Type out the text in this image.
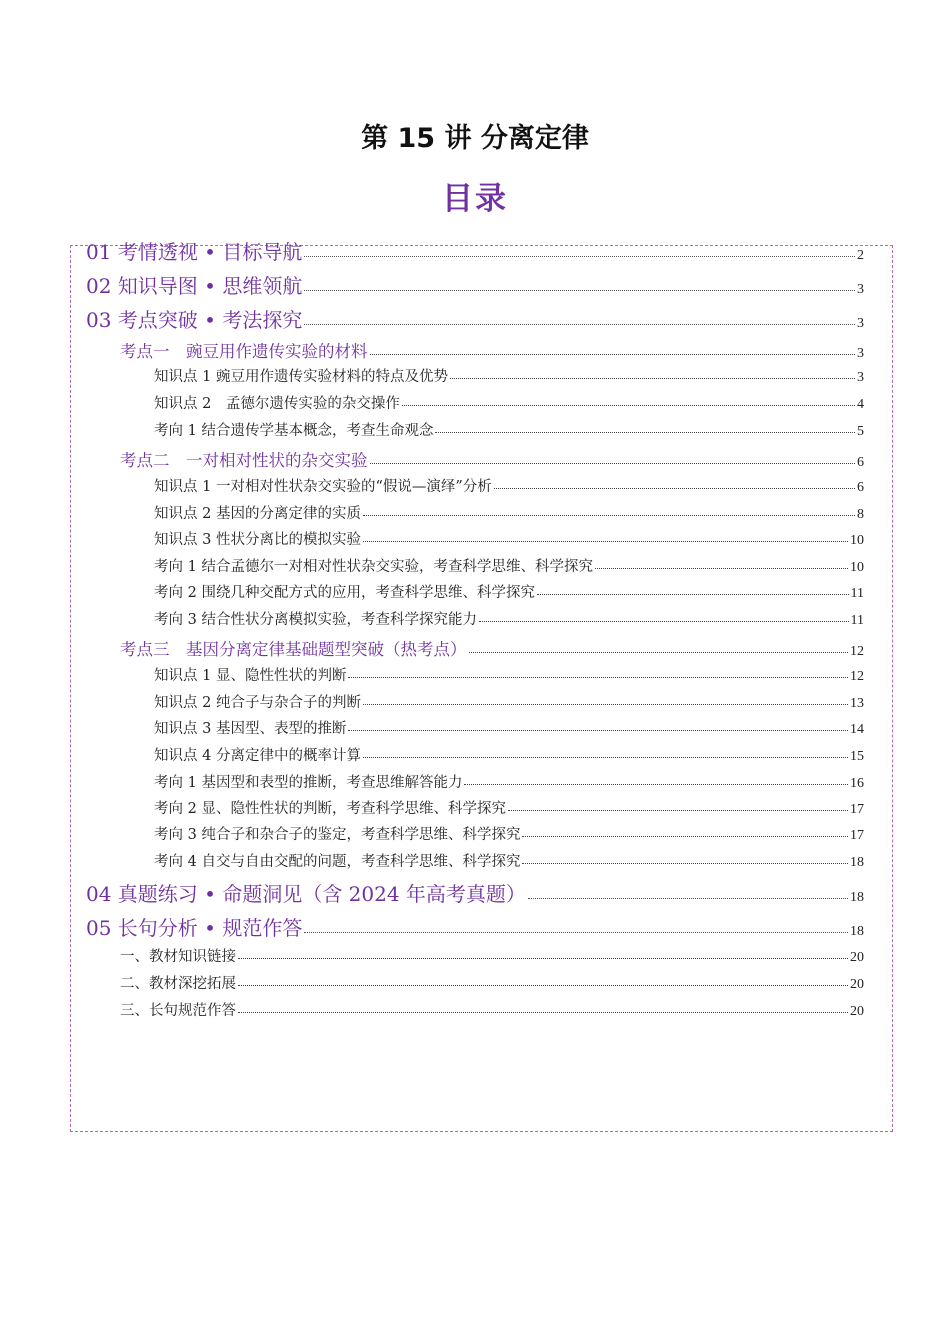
第 15 讲 分离定律
目录
01 考情透视 • 目标导航	2
02 知识导图 • 思维领航	3
03 考点突破 • 考法探究	3
考点一　豌豆用作遗传实验的材料	3
知识点 1 豌豆用作遗传实验材料的特点及优势	3
知识点 2　孟德尔遗传实验的杂交操作	4
考向 1 结合遗传学基本概念，考查生命观念	5
考点二　一对相对性状的杂交实验	6
知识点 1 一对相对性状杂交实验的“假说—演绎”分析	6
知识点 2 基因的分离定律的实质	8
知识点 3 性状分离比的模拟实验	10
考向 1 结合孟德尔一对相对性状杂交实验，考查科学思维、科学探究	10
考向 2 围绕几种交配方式的应用，考查科学思维、科学探究	11
考向 3 结合性状分离模拟实验，考查科学探究能力	11
考点三　基因分离定律基础题型突破（热考点）	12
知识点 1 显、隐性性状的判断	12
知识点 2 纯合子与杂合子的判断	13
知识点 3 基因型、表型的推断	14
知识点 4 分离定律中的概率计算	15
考向 1 基因型和表型的推断，考查思维解答能力	16
考向 2 显、隐性性状的判断，考查科学思维、科学探究	17
考向 3 纯合子和杂合子的鉴定，考查科学思维、科学探究	17
考向 4 自交与自由交配的问题，考查科学思维、科学探究	18
04 真题练习 • 命题洞见（含 2024 年高考真题）	18
05 长句分析 • 规范作答	18
一、教材知识链接	20
二、教材深挖拓展	20
三、长句规范作答	20
